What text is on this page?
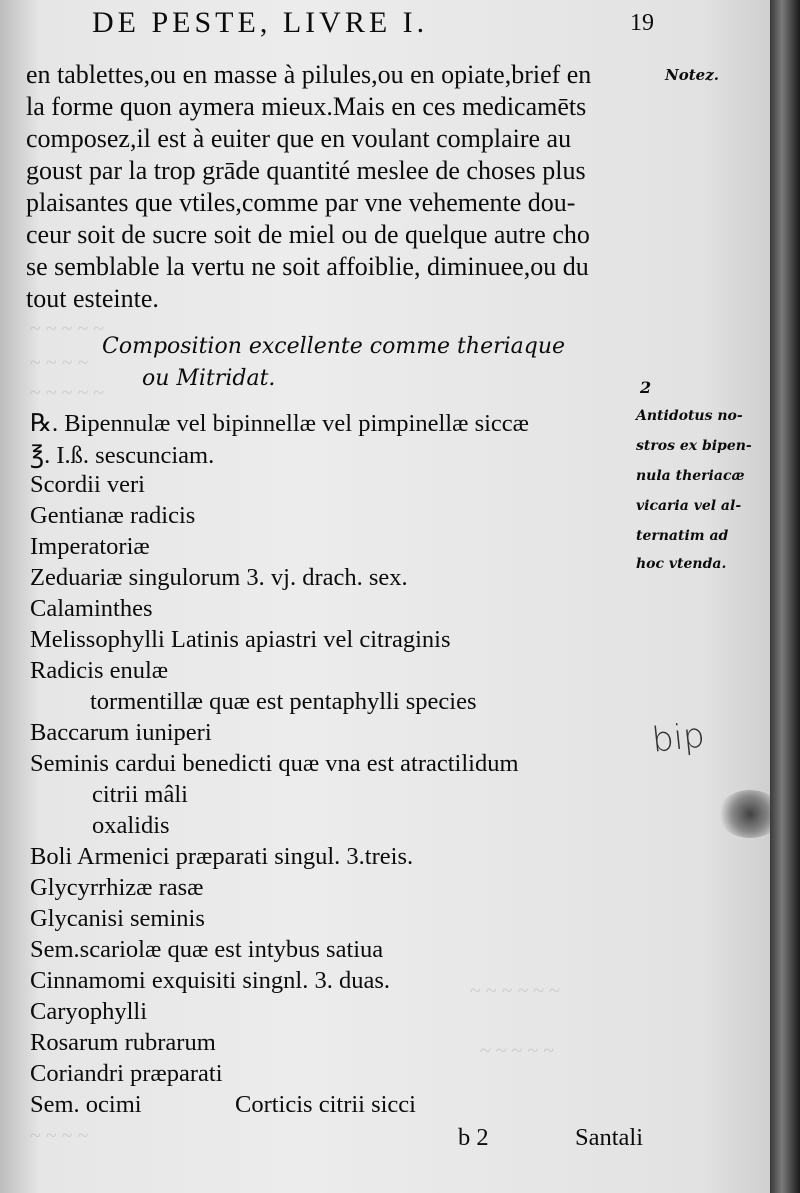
DE PESTE, LIVRE I.	19
~ ~ ~ ~ ~
~ ~ ~ ~
~ ~ ~ ~ ~
~ ~ ~ ~ ~ ~
~ ~ ~ ~ ~
~ ~ ~ ~
en tablettes,ou en masse à pilules,ou en opiate,brief en
la forme quon aymera mieux.Mais en ces medicamēts
composez,il est à euiter que en voulant complaire au
goust par la trop grāde quantité meslee de choses plus
plaisantes que vtiles,comme par vne vehemente dou-
ceur soit de sucre soit de miel ou de quelque autre cho
se semblable la vertu ne soit affoiblie, diminuee,ou du
tout esteinte.
Notez.
Composition excellente comme theriaque
ou Mitridat.	2
Antidotus no-
stros ex bipen-
nula theriacæ
vicaria vel al-
ternatim ad
hoc vtenda.
℞. Bipennulæ vel bipinnellæ vel pimpinellæ siccæ
℥. I.ß. sescunciam.
Scordii veri
Gentianæ radicis
Imperatoriæ
Zeduariæ singulorum 3. vj. drach. sex.
Calaminthes
Melissophylli Latinis apiastri vel citraginis
Radicis enulæ
tormentillæ quæ est pentaphylli species
Baccarum iuniperi
Seminis cardui benedicti quæ vna est atractilidum
citrii mâli
oxalidis
Boli Armenici præparati singul. 3.treis.
Glycyrrhizæ rasæ
Glycanisi seminis
Sem.scariolæ quæ est intybus satiua
Cinnamomi exquisiti singnl. 3. duas.
Caryophylli
Rosarum rubrarum
Coriandri præparati
Sem. ocimi	Corticis citrii sicci
bip
b 2	Santali
